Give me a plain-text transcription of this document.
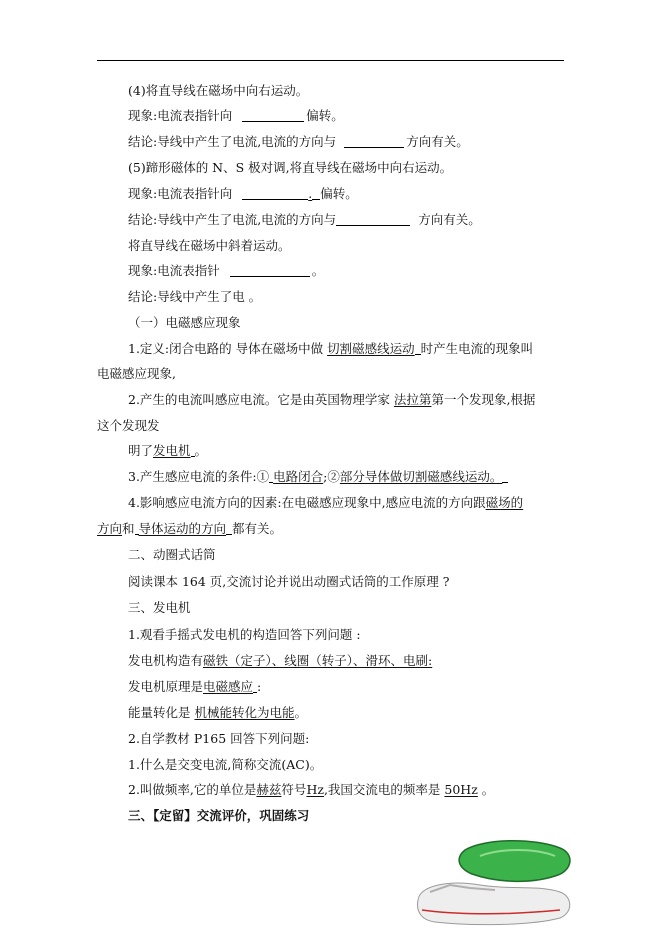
(4)将直导线在磁场中向右运动。
现象:电流表指针向	偏转。
结论:导线中产生了电流,电流的方向与	方向有关。
(5)蹄形磁体的 N、S 极对调,将直导线在磁场中向右运动。
现象:电流表指针向	. 偏转。
结论:导线中产生了电流,电流的方向与	方向有关。
将直导线在磁场中斜着运动。
现象:电流表指针	。
结论:导线中产生了电 。
（一）电磁感应现象
1.定义:闭合电路的 导体在磁场中做 切割磁感线运动 时产生电流的现象叫
电磁感应现象,
2.产生的电流叫感应电流。它是由英国物理学家 法拉第第一个发现象,根据
这个发现发
明了发电机 。
3.产生感应电流的条件:① 电路闭合;②部分导体做切割磁感线运动。
4.影响感应电流方向的因素:在电磁感应现象中,感应电流的方向跟磁场的
方向和 导体运动的方向 都有关。
二、动圈式话筒
阅读课本 164 页,交流讨论并说出动圈式话筒的工作原理 ?
三、发电机
1.观看手摇式发电机的构造回答下列问题 :
发电机构造有磁铁（定子）、线圈（转子）、滑环、电刷:
发电机原理是电磁感应 :
能量转化是 机械能转化为电能。
2.自学教材 P165 回答下列问题:
1.什么是交变电流,简称交流(AC)。
2.叫做频率,它的单位是赫兹符号Hz,我国交流电的频率是 50Hz 。
三、【定留】交流评价，巩固练习
